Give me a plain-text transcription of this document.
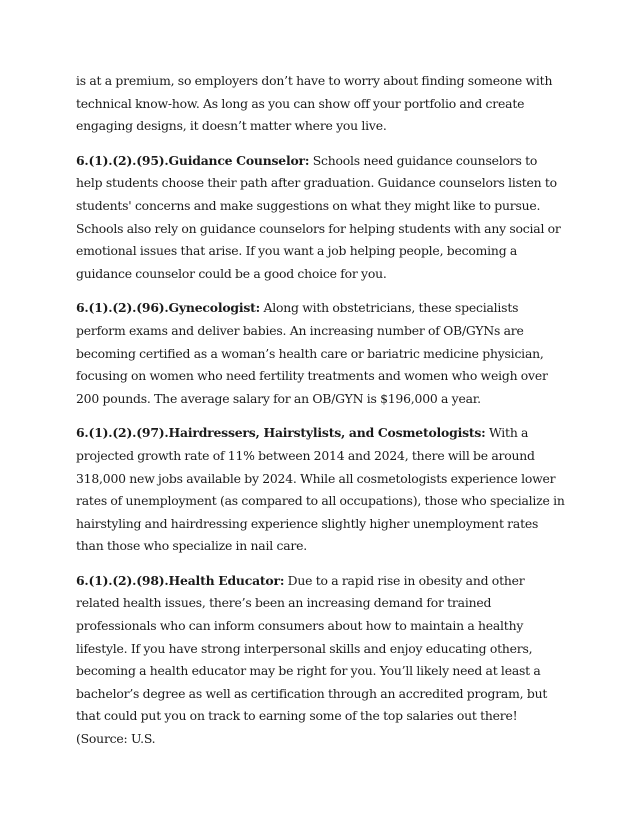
is at a premium, so employers don’t have to worry about finding someone with technical know-how. As long as you can show off your portfolio and create engaging designs, it doesn’t matter where you live.

6.(1).(2).(95).Guidance Counselor: Schools need guidance counselors to help students choose their path after graduation. Guidance counselors listen to students' concerns and make suggestions on what they might like to pursue. Schools also rely on guidance counselors for helping students with any social or emotional issues that arise. If you want a job helping people, becoming a guidance counselor could be a good choice for you.

6.(1).(2).(96).Gynecologist: Along with obstetricians, these specialists perform exams and deliver babies. An increasing number of OB/GYNs are becoming certified as a woman’s health care or bariatric medicine physician, focusing on women who need fertility treatments and women who weigh over 200 pounds. The average salary for an OB/GYN is $196,000 a year.

6.(1).(2).(97).Hairdressers, Hairstylists, and Cosmetologists: With a projected growth rate of 11% between 2014 and 2024, there will be around 318,000 new jobs available by 2024. While all cosmetologists experience lower rates of unemployment (as compared to all occupations), those who specialize in hairstyling and hairdressing experience slightly higher unemployment rates than those who specialize in nail care.

6.(1).(2).(98).Health Educator: Due to a rapid rise in obesity and other related health issues, there’s been an increasing demand for trained professionals who can inform consumers about how to maintain a healthy lifestyle. If you have strong interpersonal skills and enjoy educating others, becoming a health educator may be right for you. You’ll likely need at least a bachelor’s degree as well as certification through an accredited program, but that could put you on track to earning some of the top salaries out there! (Source: U.S.
